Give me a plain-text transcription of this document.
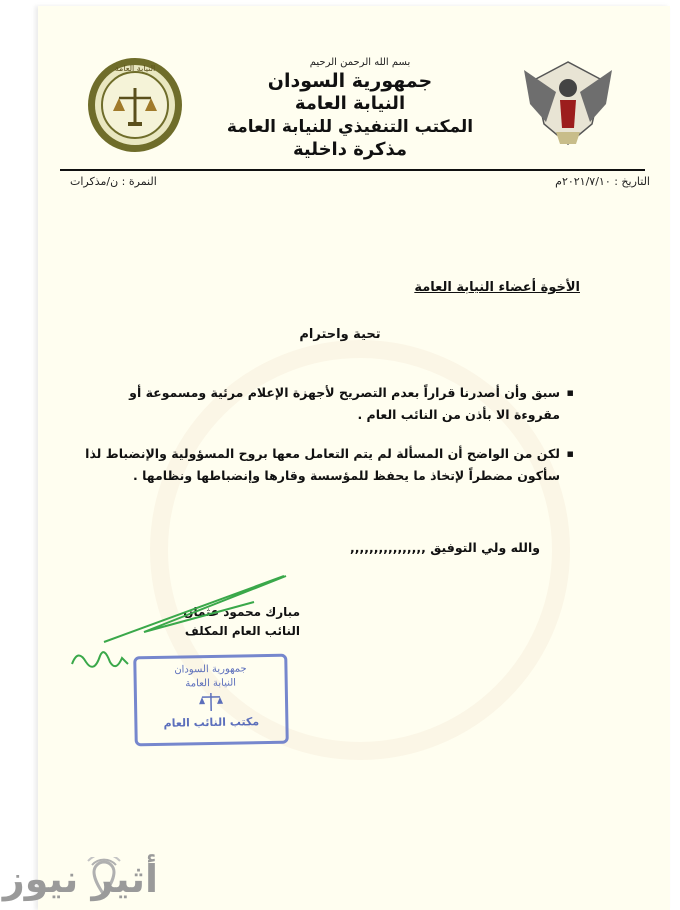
النيابة العامة
بسم الله الرحمن الرحيم
جمهورية السودان
النيابة العامة
المكتب التنفيذي للنيابة العامة
مذكرة داخلية
التاريخ : ٢٠٢١/٧/١٠م
النمرة : ن/مذكرات
الأخوة أعضاء النيابة العامة
تحية واحترام
▪
سبق وأن أصدرنا قراراً بعدم التصريح لأجهزة الإعلام مرئية ومسموعة أو مقروءة الا بأذن من النائب العام .
▪
لكن من الواضح أن المسألة لم يتم التعامل معها بروح المسؤولية والإنضباط لذا سأكون مضطراً لإتخاذ ما يحفظ للمؤسسة وقارها وإنضباطها ونظامها .
والله ولي التوفيق ,,,,,,,,,,,,,,,,
مبارك محمود عثمان
النائب العام المكلف
جمهورية السودان
النيابة العامة
مكتب النائب العام
أثير نيوز
